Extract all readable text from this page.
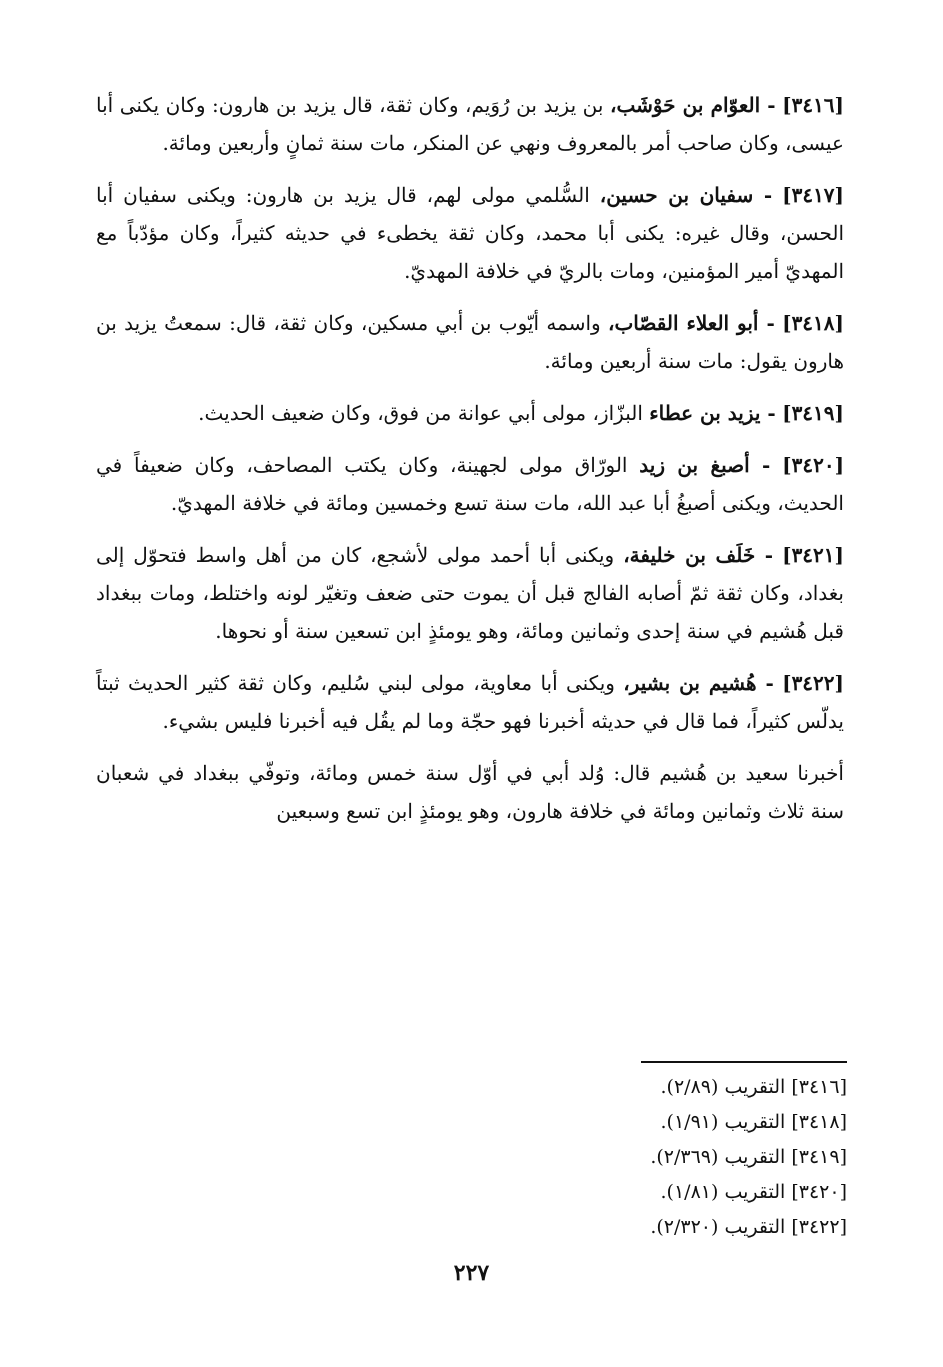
[٣٤١٦] - العوّام بن حَوْشَب، بن يزيد بن رُوَيم، وكان ثقة، قال يزيد بن هارون: وكان يكنى أبا عيسى، وكان صاحب أمر بالمعروف ونهي عن المنكر، مات سنة ثمانٍ وأربعين ومائة.

[٣٤١٧] - سفيان بن حسين، السُّلمي مولى لهم، قال يزيد بن هارون: ويكنى سفيان أبا الحسن، وقال غيره: يكنى أبا محمد، وكان ثقة يخطىء في حديثه كثيراً، وكان مؤدّباً مع المهديّ أمير المؤمنين، ومات بالريّ في خلافة المهديّ.

[٣٤١٨] - أبو العلاء القصّاب، واسمه أيّوب بن أبي مسكين، وكان ثقة، قال: سمعتُ يزيد بن هارون يقول: مات سنة أربعين ومائة.

[٣٤١٩] - يزيد بن عطاء البزّاز، مولى أبي عوانة من فوق، وكان ضعيف الحديث.

[٣٤٢٠] - أصبغ بن زيد الورّاق مولى لجهينة، وكان يكتب المصاحف، وكان ضعيفاً في الحديث، ويكنى أصبغُ أبا عبد الله، مات سنة تسع وخمسين ومائة في خلافة المهديّ.

[٣٤٢١] - خَلَف بن خليفة، ويكنى أبا أحمد مولى لأشجع، كان من أهل واسط فتحوّل إلى بغداد، وكان ثقة ثمّ أصابه الفالج قبل أن يموت حتى ضعف وتغيّر لونه واختلط، ومات ببغداد قبل هُشيم في سنة إحدى وثمانين ومائة، وهو يومئذٍ ابن تسعين سنة أو نحوها.

[٣٤٢٢] - هُشيم بن بشير، ويكنى أبا معاوية، مولى لبني سُليم، وكان ثقة كثير الحديث ثبتاً يدلّس كثيراً، فما قال في حديثه أخبرنا فهو حجّة وما لم يقُل فيه أخبرنا فليس بشيء.

أخبرنا سعيد بن هُشيم قال: وُلد أبي في أوّل سنة خمس ومائة، وتوفّي ببغداد في شعبان سنة ثلاث وثمانين ومائة في خلافة هارون، وهو يومئذٍ ابن تسع وسبعين

[٣٤١٦] التقريب (٢/٨٩).
[٣٤١٨] التقريب (١/٩١).
[٣٤١٩] التقريب (٢/٣٦٩).
[٣٤٢٠] التقريب (١/٨١).
[٣٤٢٢] التقريب (٢/٣٢٠).
٢٢٧
